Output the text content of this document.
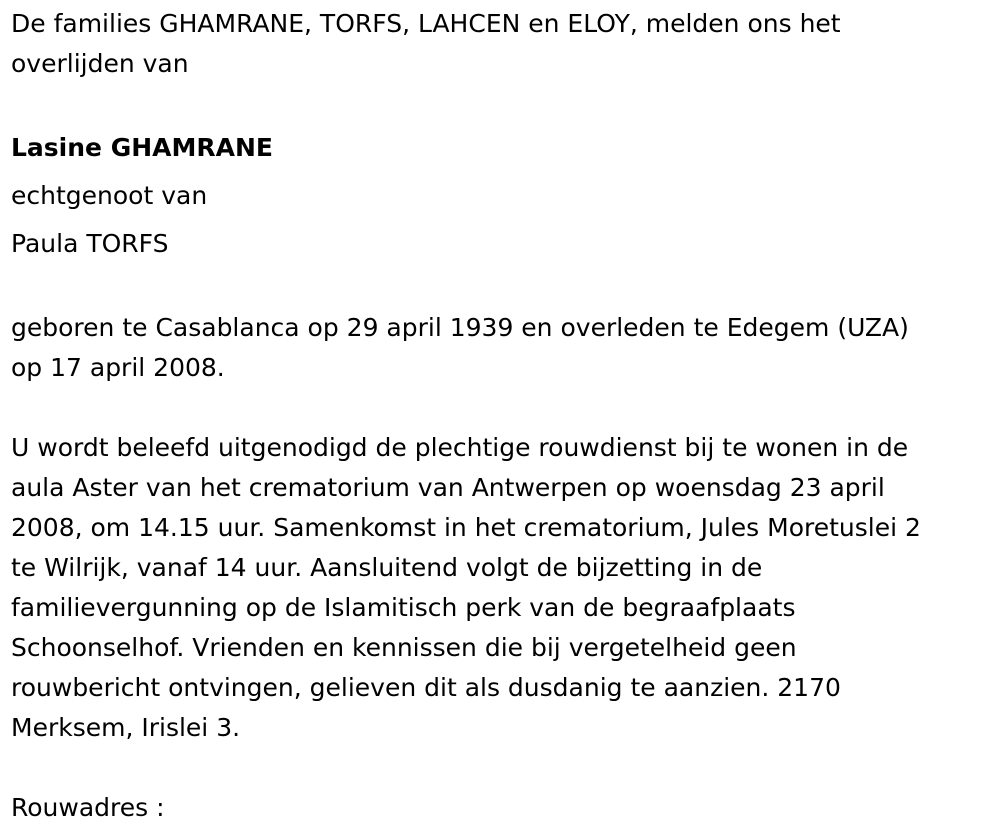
De families GHAMRANE, TORFS, LAHCEN en ELOY, melden ons het
overlijden van

Lasine GHAMRANE
echtgenoot van
Paula TORFS

geboren te Casablanca op 29 april 1939 en overleden te Edegem (UZA)
op 17 april 2008.

U wordt beleefd uitgenodigd de plechtige rouwdienst bij te wonen in de
aula Aster van het crematorium van Antwerpen op woensdag 23 april
2008, om 14.15 uur. Samenkomst in het crematorium, Jules Moretuslei 2
te Wilrijk, vanaf 14 uur. Aansluitend volgt de bijzetting in de
familievergunning op de Islamitisch perk van de begraafplaats
Schoonselhof. Vrienden en kennissen die bij vergetelheid geen
rouwbericht ontvingen, gelieven dit als dusdanig te aanzien. 2170
Merksem, Irislei 3.

Rouwadres :
